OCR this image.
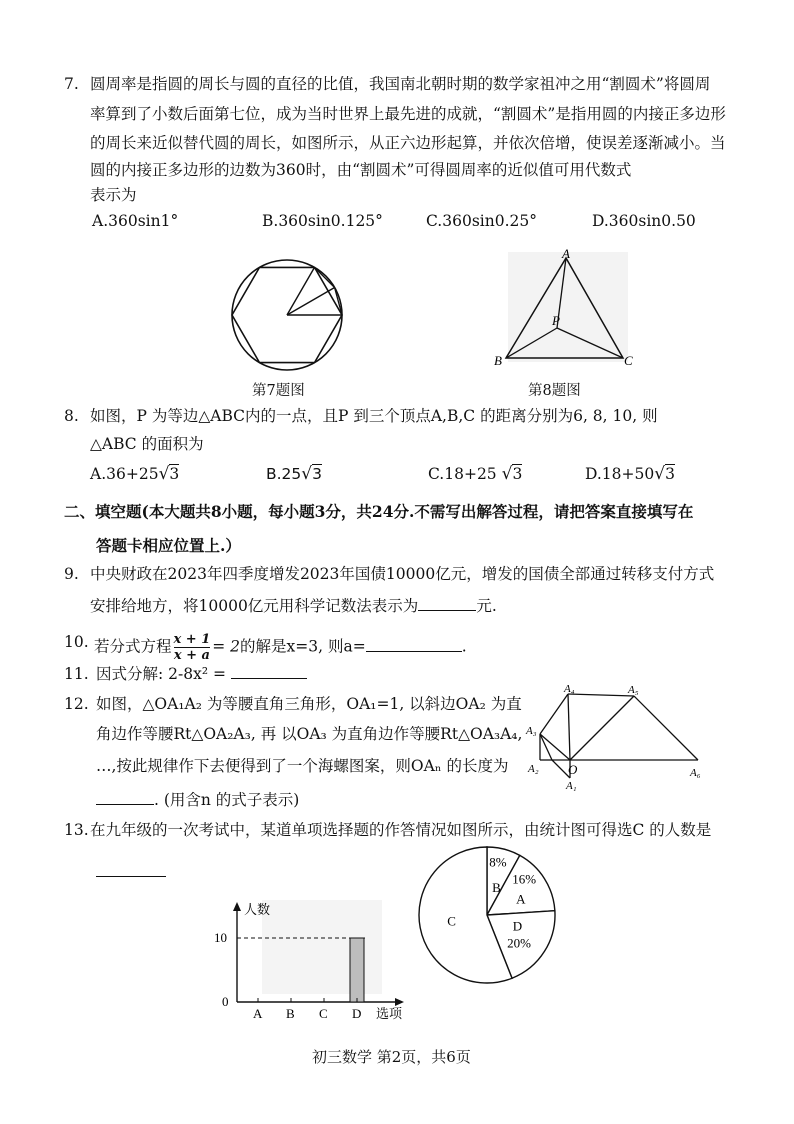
7. 圆周率是指圆的周长与圆的直径的比值，我国南北朝时期的数学家祖冲之用“割圆术”将圆周
率算到了小数后面第七位，成为当时世界上最先进的成就，“割圆术”是指用圆的内接正多边形
的周长来近似替代圆的周长，如图所示，从正六边形起算，并依次倍增，使误差逐渐减小。当
圆的内接正多边形的边数为360时，由“割圆术”可得圆周率的近似值可用代数式
表示为
A.360sin1°	B.360sin0.125°	C.360sin0.25°	D.360sin0.50
第7题图
A
B	C
P
第8题图
8. 如图，P 为等边△ABC内的一点，且P 到三个顶点A,B,C 的距离分别为6, 8, 10, 则
△ABC 的面积为
A.36+25√3	B.25√3	C.18+25 √3	D.18+50√3
二、填空题(本大题共8小题，每小题3分，共24分.不需写出解答过程，请把答案直接填写在
答题卡相应位置上.）
9. 中央财政在2023年四季度增发2023年国债10000亿元，增发的国债全部通过转移支付方式
安排给地方，将10000亿元用科学记数法表示为	元.
10. 若分式方程 $\frac{x + 1}{x + a} = 2$的解是x=3, 则a=	.
11. 因式分解: 2-8x² =
12. 如图，△OA₁A₂ 为等腰直角三角形，OA₁=1, 以斜边OA₂ 为直
角边作等腰Rt△OA₂A₃, 再 以OA₃ 为直角边作等腰Rt△OA₃A₄,
…,按此规律作下去便得到了一个海螺图案，则OAₙ 的长度为
. (用含n 的式子表示)
A₄	A₅
A₃
A₂
A₁
O	A₆
13. 在九年级的一次考试中，某道单项选择题的作答情况如图所示，由统计图可得选C 的人数是
人数
选项
10
0
A B C D
8%
B
16%
A
D
20%
C
初三数学 第2页，共6页
